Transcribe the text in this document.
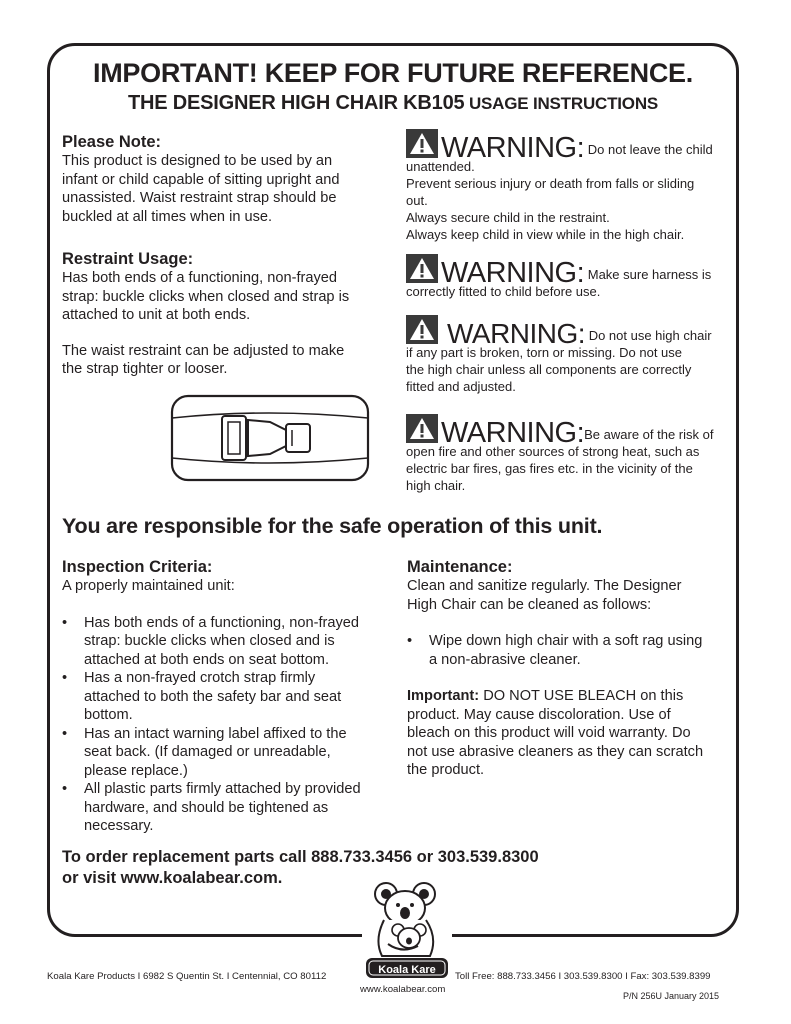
IMPORTANT! KEEP FOR FUTURE REFERENCE.
THE DESIGNER HIGH CHAIR KB105 USAGE INSTRUCTIONS
Please Note:
This product is designed to be used by an
infant or child capable of sitting upright and
unassisted. Waist restraint strap should be
buckled at all times when in use.
Restraint Usage:
Has both ends of a functioning, non-frayed
strap: buckle clicks when closed and strap is
attached to unit at both ends.
The waist restraint can be adjusted to make
the strap tighter or looser.
WARNING: Do not leave the child
unattended.
Prevent serious injury or death from falls or sliding
out.
Always secure child in the restraint.
Always keep child in view while in the high chair.
WARNING: Make sure harness is
correctly fitted to child before use.
WARNING: Do not use high chair
if any part is broken, torn or missing. Do not use
the high chair unless all components are correctly
fitted and adjusted.
WARNING:Be aware of the risk of
open fire and other sources of strong heat, such as
electric bar fires, gas fires etc. in the vicinity of the
high chair.
You are responsible for the safe operation of this unit.
Inspection Criteria:
A properly maintained unit:
• Has both ends of a functioning, non-frayed
strap: buckle clicks when closed and is
attached at both ends on seat bottom.
• Has a non-frayed crotch strap firmly
attached to both the safety bar and seat
bottom.
• Has an intact warning label affixed to the
seat back. (If damaged or unreadable,
please replace.)
• All plastic parts firmly attached by provided
hardware, and should be tightened as
necessary.
Maintenance:
Clean and sanitize regularly. The Designer
High Chair can be cleaned as follows:
• Wipe down high chair with a soft rag using
a non-abrasive cleaner.
Important: DO NOT USE BLEACH on this
product. May cause discoloration. Use of
bleach on this product will void warranty. Do
not use abrasive cleaners as they can scratch
the product.
To order replacement parts call 888.733.3456 or 303.539.8300
or visit www.koalabear.com.
Koala Kare
Koala Kare Products I 6982 S Quentin St. I Centennial, CO 80112	Toll Free: 888.733.3456 I 303.539.8300 I Fax: 303.539.8399
www.koalabear.com
P/N 256U January 2015
